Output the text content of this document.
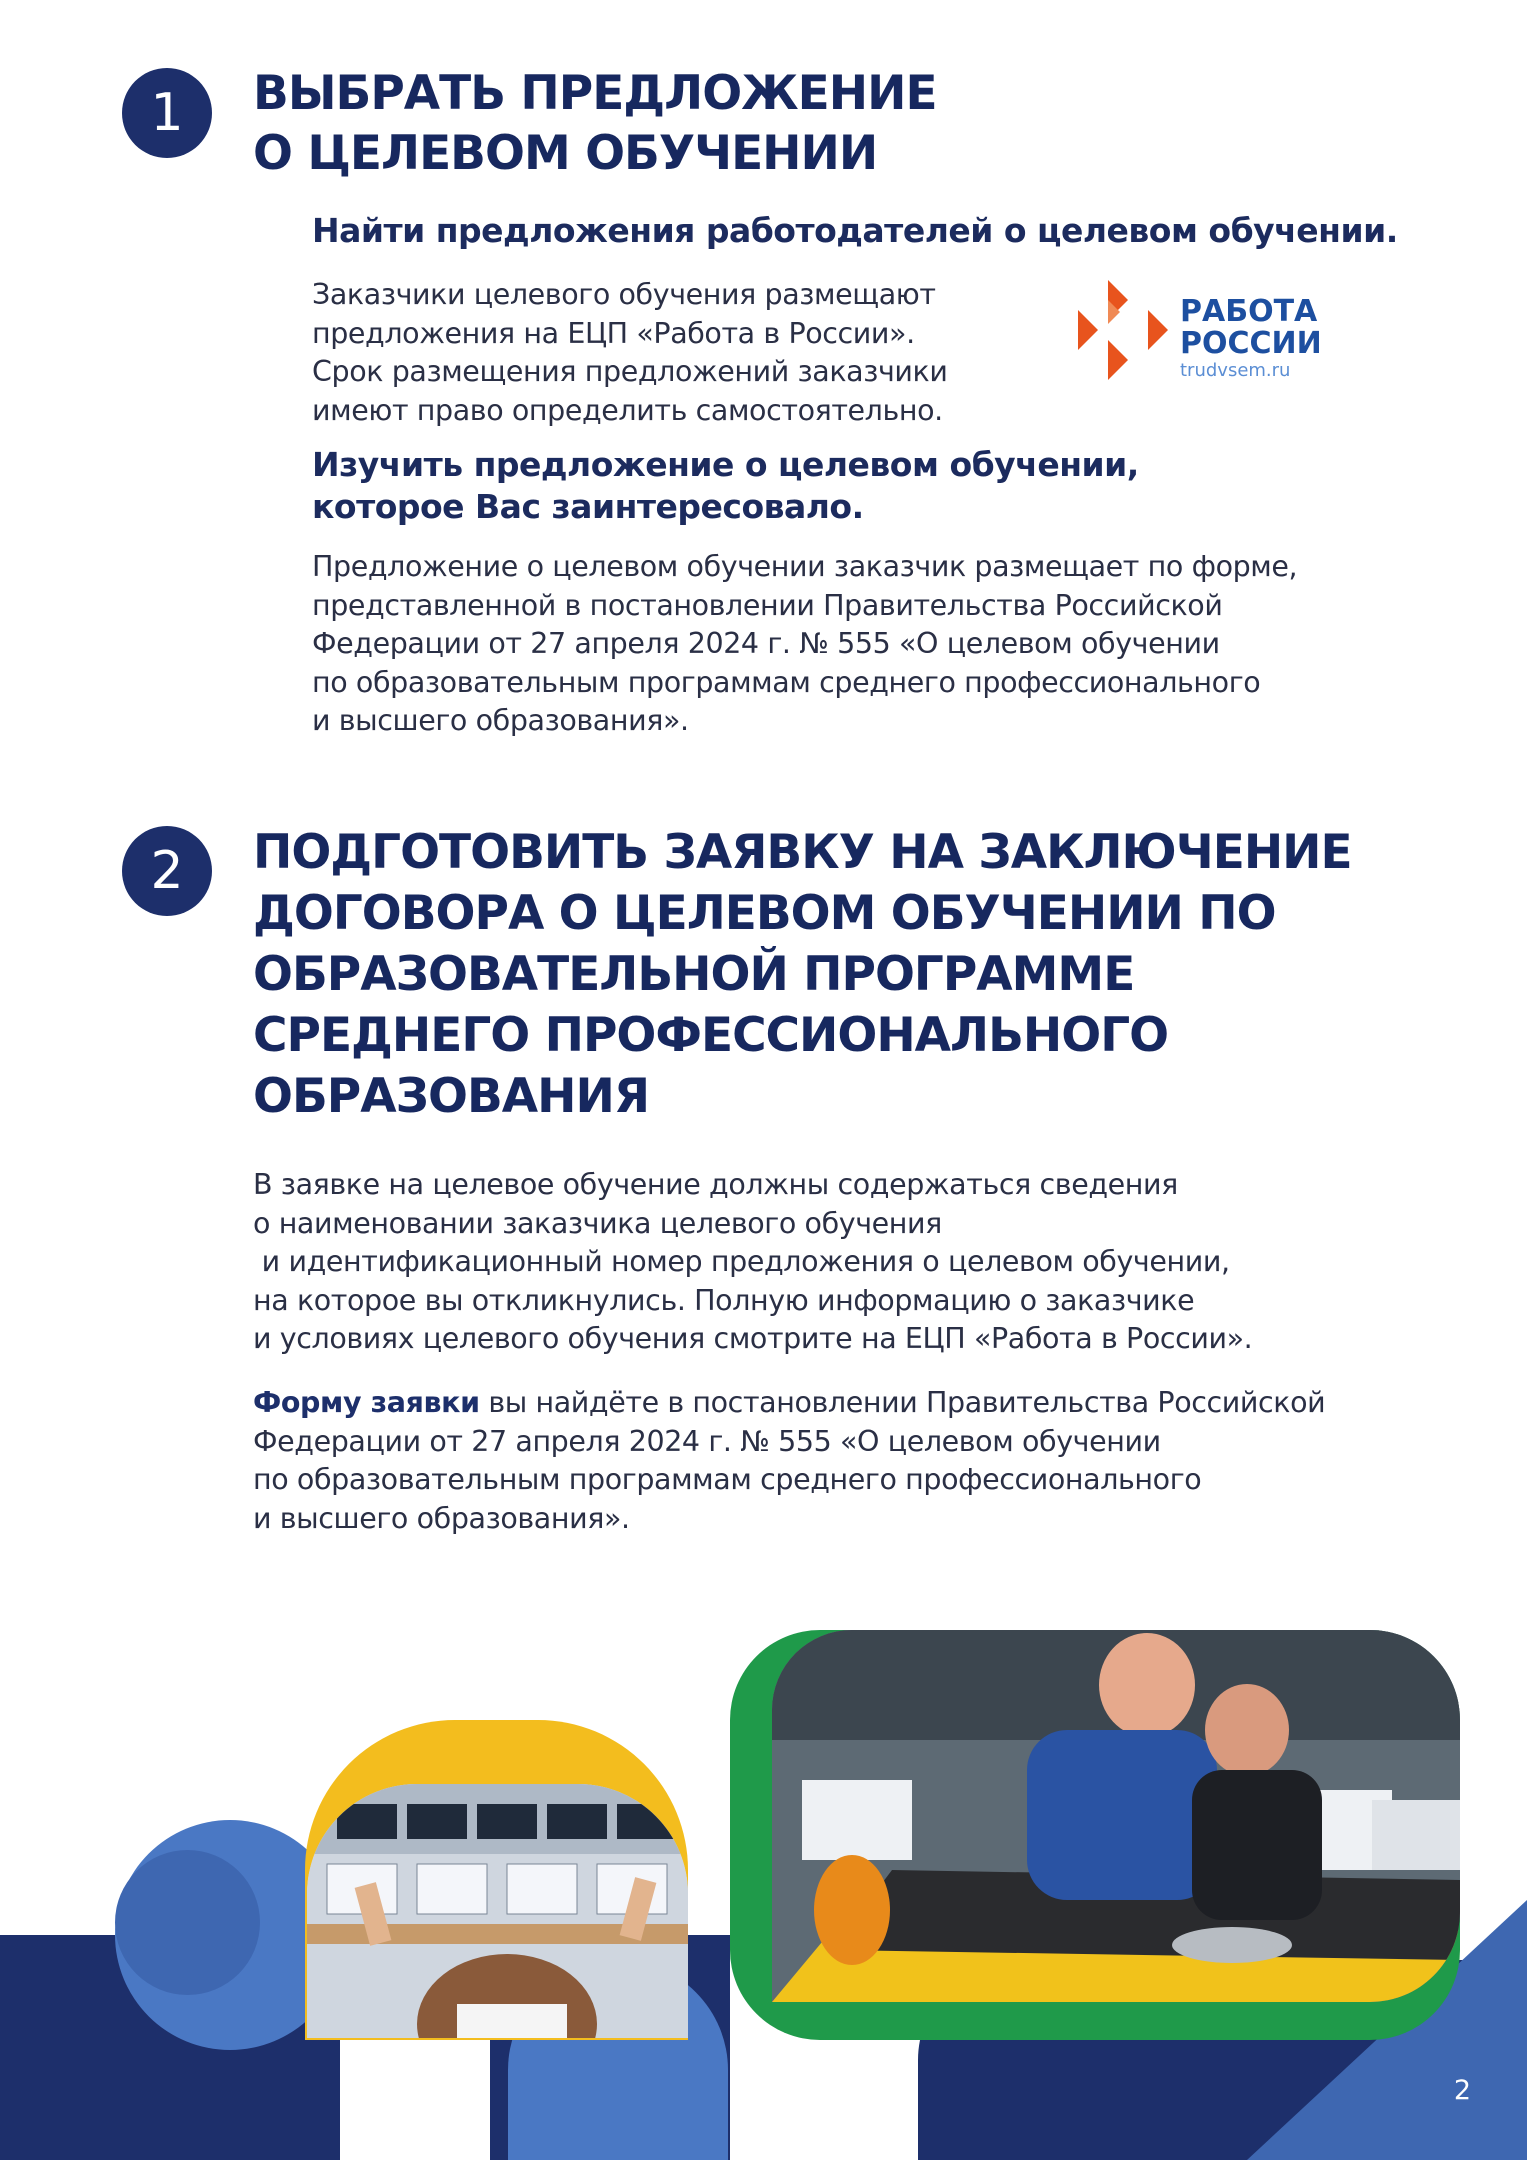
1 ВЫБРАТЬ ПРЕДЛОЖЕНИЕ
О ЦЕЛЕВОМ ОБУЧЕНИИ
Найти предложения работодателей о целевом обучении.
Заказчики целевого обучения размещают
предложения на ЕЦП «Работа в России».
Срок размещения предложений заказчики
имеют право определить самостоятельно.
РАБОТА
РОССИИ
trudvsem.ru
Изучить предложение о целевом обучении,
которое Вас заинтересовало.
Предложение о целевом обучении заказчик размещает по форме,
представленной в постановлении Правительства Российской
Федерации от 27 апреля 2024 г. № 555 «О целевом обучении
по образовательным программам среднего профессионального
и высшего образования».
2 ПОДГОТОВИТЬ ЗАЯВКУ НА ЗАКЛЮЧЕНИЕ
ДОГОВОРА О ЦЕЛЕВОМ ОБУЧЕНИИ ПО
ОБРАЗОВАТЕЛЬНОЙ ПРОГРАММЕ
СРЕДНЕГО ПРОФЕССИОНАЛЬНОГО
ОБРАЗОВАНИЯ
В заявке на целевое обучение должны содержаться сведения
о наименовании заказчика целевого обучения
и идентификационный номер предложения о целевом обучении,
на которое вы откликнулись. Полную информацию о заказчике
и условиях целевого обучения смотрите на ЕЦП «Работа в России».
Форму заявки вы найдёте в постановлении Правительства Российской
Федерации от 27 апреля 2024 г. № 555 «О целевом обучении
по образовательным программам среднего профессионального
и высшего образования».
2
